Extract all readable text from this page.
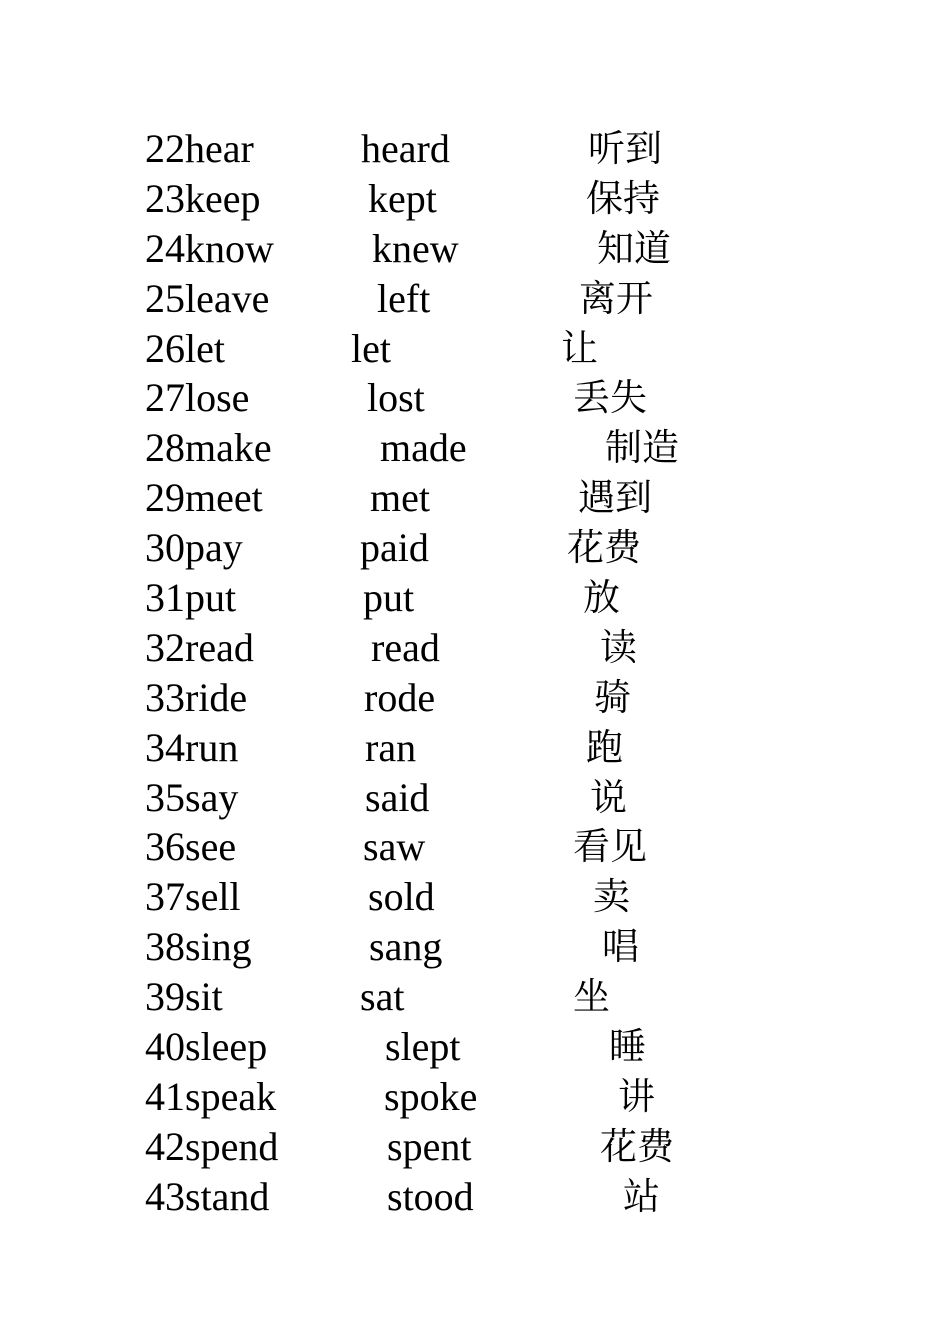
22hear	heard	听到
23keep	kept	保持
24know knew	知道
25leave	left	离开
26let	let	让
27lose	lost	丢失
28make	made	制造
29meet	met	遇到
30pay	paid	花费
31put	put	放
32read	read	读
33ride	rode	骑
34run	ran	跑
35say	said	说
36see	saw	看见
37sell	sold	卖
38sing	sang	唱
39sit	sat	坐
40sleep	slept	睡
41speak	spoke	讲
42spend	spent	花费
43stand	stood	站
